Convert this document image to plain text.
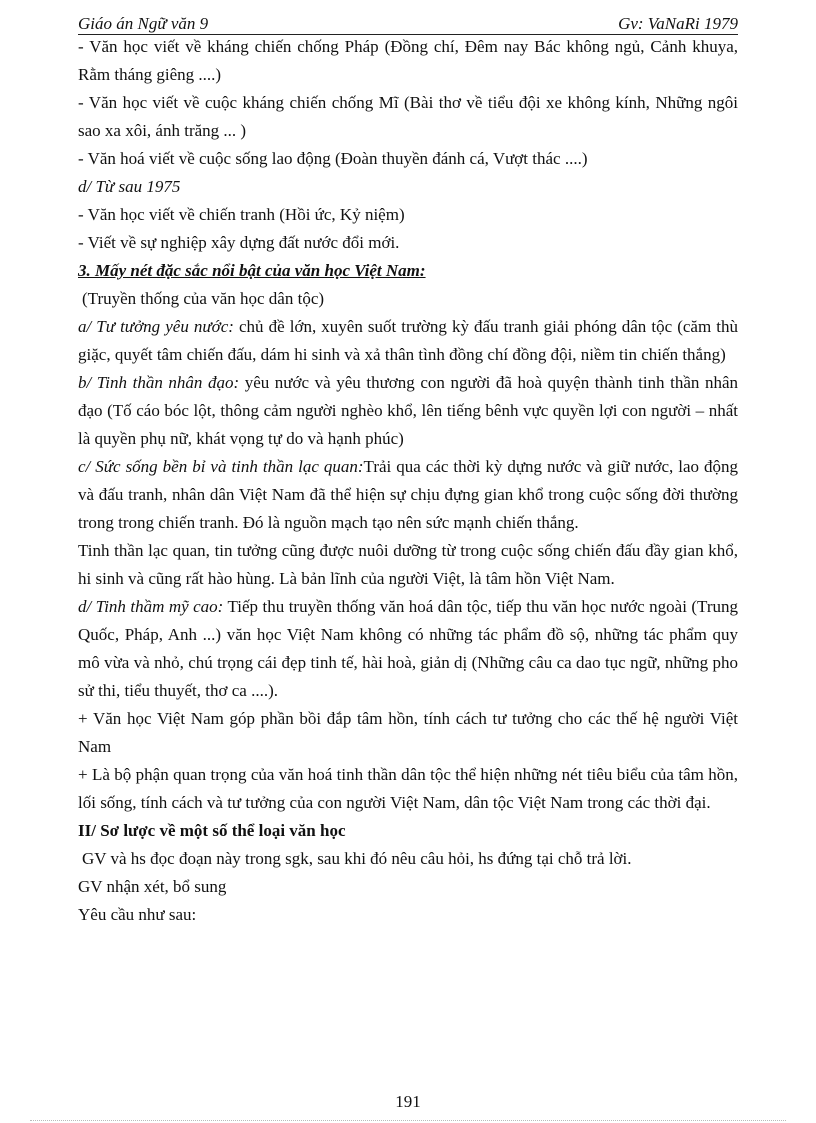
Giáo án Ngữ văn 9	Gv: VaNaRi 1979

- Văn học viết về kháng chiến chống Pháp (Đồng chí, Đêm nay Bác không ngủ, Cảnh khuya, Rằm tháng giêng ....)

- Văn học viết về cuộc kháng chiến chống Mĩ (Bài thơ về tiểu đội xe không kính, Những ngôi sao xa xôi, ánh trăng ... )

- Văn hoá viết về cuộc sống lao động (Đoàn thuyền đánh cá, Vượt thác ....)

d/ Từ sau 1975

- Văn học viết về chiến tranh (Hồi ức, Kỷ niệm)

- Viết về sự nghiệp xây dựng đất nước đổi mới.

3. Mấy nét đặc sắc nổi bật của văn học Việt Nam:

(Truyền thống của văn học dân tộc)

a/ Tư tưởng yêu nước: chủ đề lớn, xuyên suốt trường kỳ đấu tranh giải phóng dân tộc (căm thù giặc, quyết tâm chiến đấu, dám hi sinh và xả thân tình đồng chí đồng đội, niềm tin chiến thắng)

b/ Tinh thần nhân đạo: yêu nước và yêu thương con người đã hoà quyện thành tinh thần nhân đạo (Tố cáo bóc lột, thông cảm người nghèo khổ, lên tiếng bênh vực quyền lợi con người – nhất là quyền phụ nữ, khát vọng tự do và hạnh phúc)

c/ Sức sống bền bỉ và tinh thần lạc quan:Trải qua các thời kỳ dựng nước và giữ nước, lao động và đấu tranh, nhân dân Việt Nam đã thể hiện sự chịu đựng gian khổ trong cuộc sống đời thường trong trong chiến tranh. Đó là nguồn mạch tạo nên sức mạnh chiến thắng.

Tinh thần lạc quan, tin tưởng cũng được nuôi dưỡng từ trong cuộc sống chiến đấu đầy gian khổ, hi sinh và cũng rất hào hùng. Là bản lĩnh của người Việt, là tâm hồn Việt Nam.

d/ Tinh thầm mỹ cao: Tiếp thu truyền thống văn hoá dân tộc, tiếp thu văn học nước ngoài (Trung Quốc, Pháp, Anh ...) văn học Việt Nam không có những tác phẩm đồ sộ, những tác phẩm quy mô vừa và nhỏ, chú trọng cái đẹp tinh tế, hài hoà, giản dị (Những câu ca dao tục ngữ, những pho sử thi, tiểu thuyết, thơ ca ....).

+ Văn học Việt Nam góp phần bồi đắp tâm hồn, tính cách tư tưởng cho các thế hệ người Việt Nam

+ Là bộ phận quan trọng của văn hoá tinh thần dân tộc thể hiện những nét tiêu biểu của tâm hồn, lối sống, tính cách và tư tưởng của con người Việt Nam, dân tộc Việt Nam trong các thời đại.

II/ Sơ lược về một số thể loại văn học

GV và hs đọc đoạn này trong sgk, sau khi đó nêu câu hỏi, hs đứng tại chỗ trả lời.

GV nhận xét, bổ sung

Yêu cầu như sau:

191
